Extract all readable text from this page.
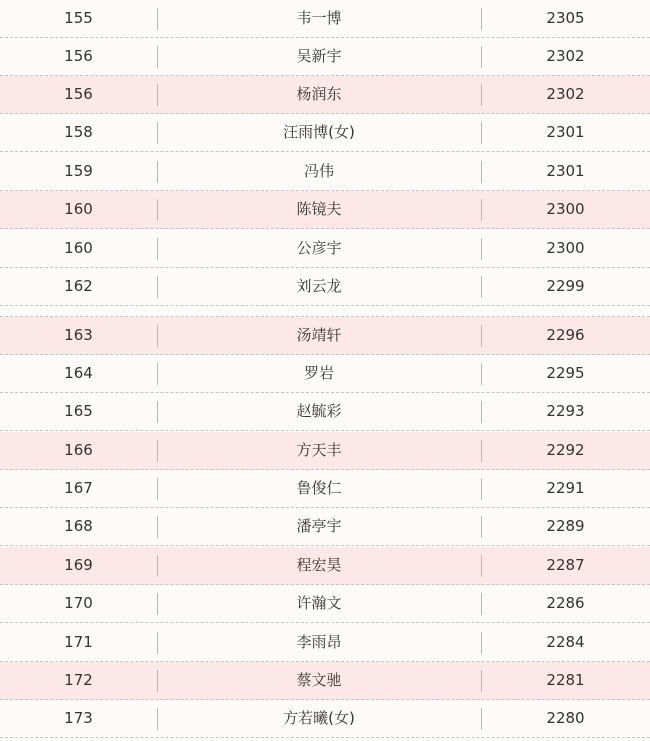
155	韦一博	2305
156	吴新宇	2302
156	杨润东	2302
158	汪雨博(女)	2301
159	冯伟	2301
160	陈镜夫	2300
160	公彦宇	2300
162	刘云龙	2299
163	汤靖轩	2296
164	罗岩	2295
165	赵毓彩	2293
166	方天丰	2292
167	鲁俊仁	2291
168	潘亭宇	2289
169	程宏昊	2287
170	许瀚文	2286
171	李雨昂	2284
172	蔡文驰	2281
173	方若曦(女)	2280
